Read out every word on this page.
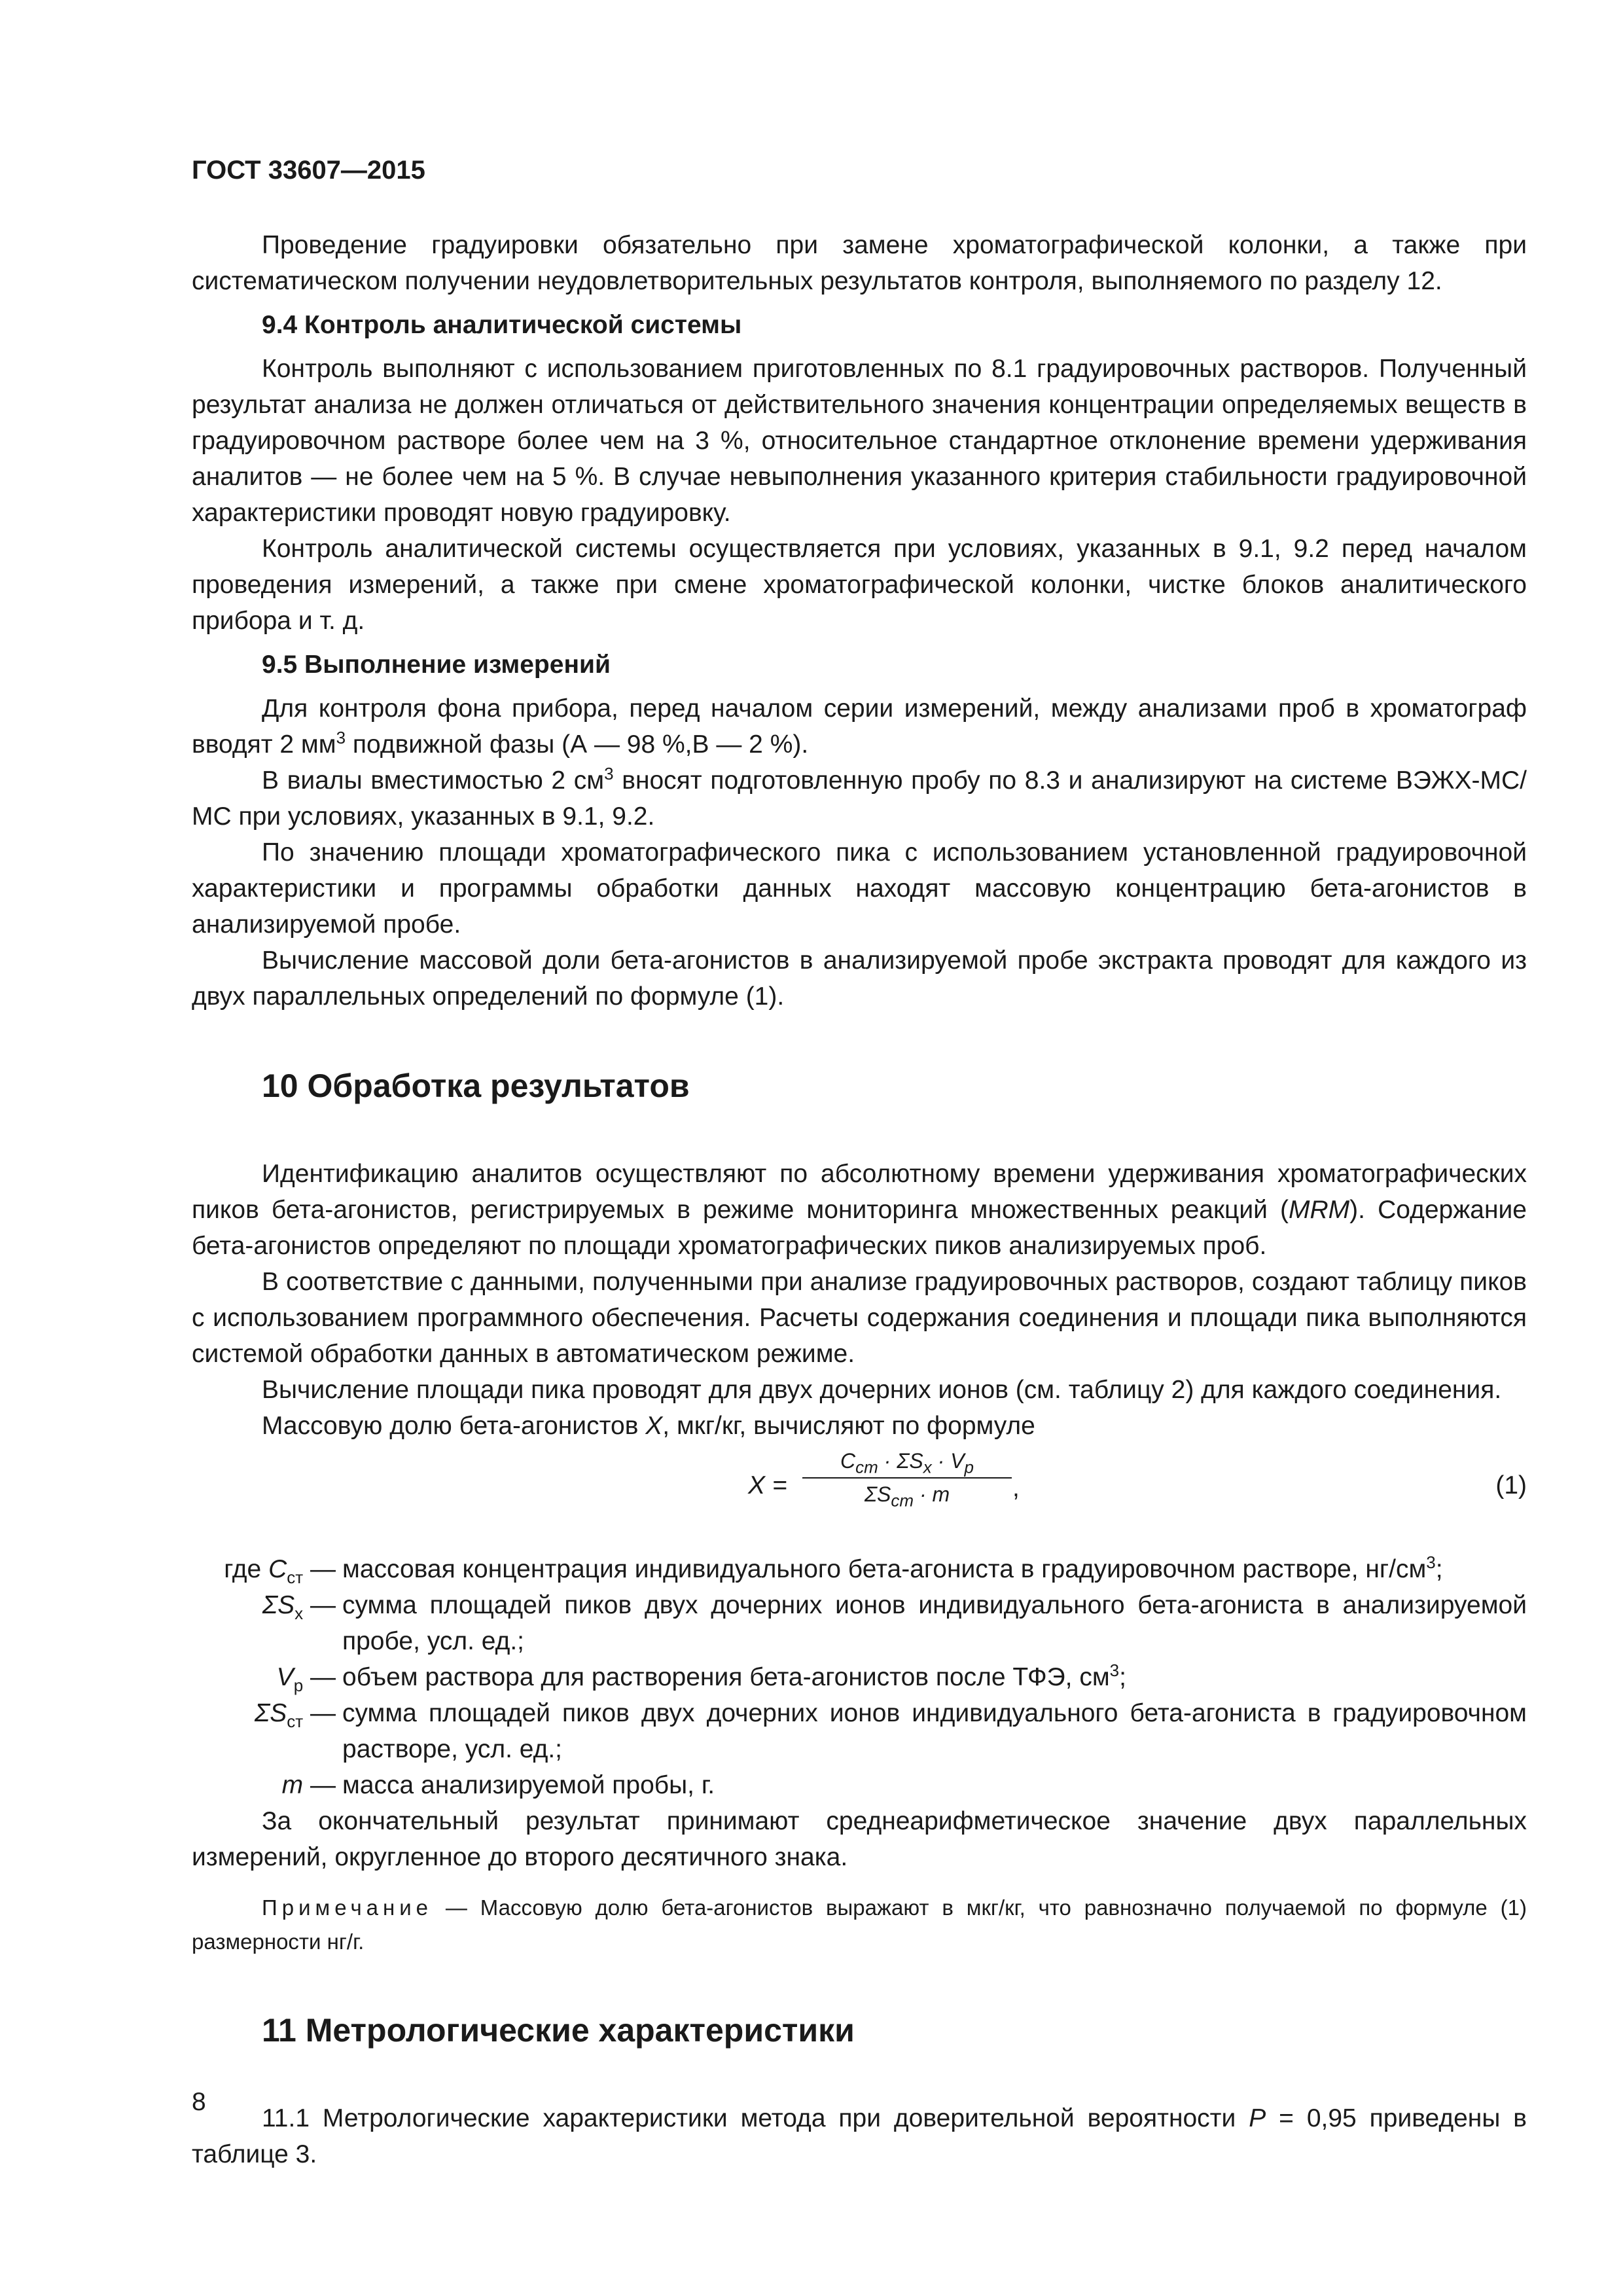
ГОСТ 33607—2015

Проведение градуировки обязательно при замене хроматографической колонки, а также при систематическом получении неудовлетворительных результатов контроля, выполняемого по разделу 12.

9.4 Контроль аналитической системы

Контроль выполняют с использованием приготовленных по 8.1 градуировочных растворов. Полученный результат анализа не должен отличаться от действительного значения концентрации определяемых веществ в градуировочном растворе более чем на 3 %, относительное стандартное отклонение времени удерживания аналитов — не более чем на 5 %. В случае невыполнения указанного критерия стабильности градуировочной характеристики проводят новую градуировку.

Контроль аналитической системы осуществляется при условиях, указанных в 9.1, 9.2 перед началом проведения измерений, а также при смене хроматографической колонки, чистке блоков аналитического прибора и т. д.

9.5 Выполнение измерений

Для контроля фона прибора, перед началом серии измерений, между анализами проб в хроматограф вводят 2 $мм^3$ подвижной фазы (А — 98 %,В — 2 %).

В виалы вместимостью 2 $см^3$ вносят подготовленную пробу по 8.3 и анализируют на системе ВЭЖХ-МС/МС при условиях, указанных в 9.1, 9.2.

По значению площади хроматографического пика с использованием установленной градуировочной характеристики и программы обработки данных находят массовую концентрацию бета-агонистов в анализируемой пробе.

Вычисление массовой доли бета-агонистов в анализируемой пробе экстракта проводят для каждого из двух параллельных определений по формуле (1).

10 Обработка результатов

Идентификацию аналитов осуществляют по абсолютному времени удерживания хроматографических пиков бета-агонистов, регистрируемых в режиме мониторинга множественных реакций (MRM). Содержание бета-агонистов определяют по площади хроматографических пиков анализируемых проб.

В соответствие с данными, полученными при анализе градуировочных растворов, создают таблицу пиков с использованием программного обеспечения. Расчеты содержания соединения и площади пика выполняются системой обработки данных в автоматическом режиме.

Вычисление площади пика проводят для двух дочерних ионов (см. таблицу 2) для каждого соединения.

Массовую долю бета-агонистов X, мкг/кг, вычисляют по формуле

X =
$C_{ст} \cdot \Sigma S_x \cdot V_р$
$\Sigma S_{ст} \cdot m$	,	(1)
где $C_{ст}$ — массовая концентрация индивидуального бета-агониста в градуировочном растворе, $нг/см^3$;
$\Sigma S_x$ — сумма площадей пиков двух дочерних ионов индивидуального бета-агониста в анализируемой пробе, усл. ед.;
$V_р$ — объем раствора для растворения бета-агонистов после ТФЭ, $см^3$;
$\Sigma S_{ст}$ — сумма площадей пиков двух дочерних ионов индивидуального бета-агониста в градуировочном растворе, усл. ед.;
m — масса анализируемой пробы, г.

За окончательный результат принимают среднеарифметическое значение двух параллельных измерений, округленное до второго десятичного знака.

Примечание — Массовую долю бета-агонистов выражают в мкг/кг, что равнозначно получаемой по формуле (1) размерности нг/г.
11 Метрологические характеристики

11.1 Метрологические характеристики метода при доверительной вероятности P = 0,95 приведены в таблице 3.

8
